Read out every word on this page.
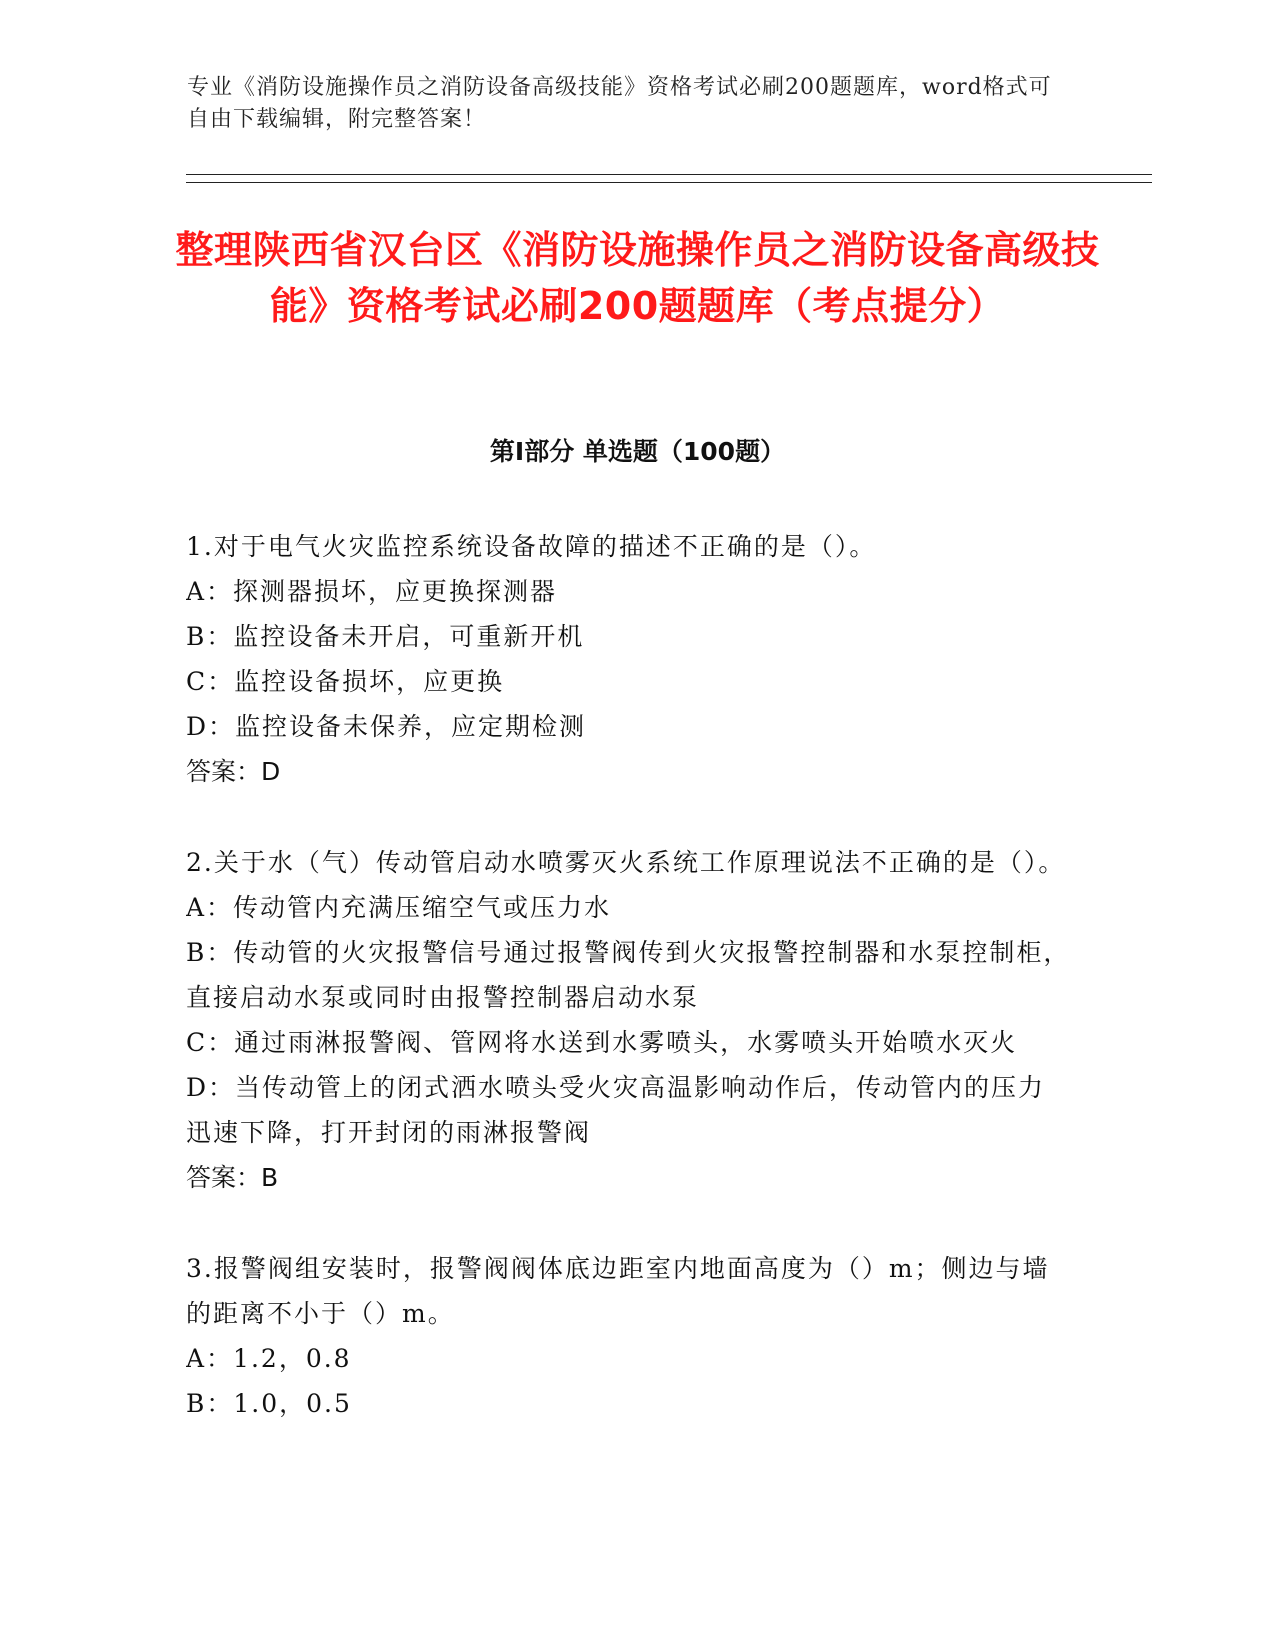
专业《消防设施操作员之消防设备高级技能》资格考试必刷200题题库，word格式可自由下载编辑，附完整答案！
整理陕西省汉台区《消防设施操作员之消防设备高级技能》资格考试必刷200题题库（考点提分）
第Ⅰ部分 单选题（100题）

1.对于电气火灾监控系统设备故障的描述不正确的是（）。

A：探测器损坏，应更换探测器

B：监控设备未开启，可重新开机

C：监控设备损坏，应更换

D：监控设备未保养，应定期检测

答案：D

2.关于水（气）传动管启动水喷雾灭火系统工作原理说法不正确的是（）。

A：传动管内充满压缩空气或压力水

B：传动管的火灾报警信号通过报警阀传到火灾报警控制器和水泵控制柜，直接启动水泵或同时由报警控制器启动水泵

C：通过雨淋报警阀、管网将水送到水雾喷头，水雾喷头开始喷水灭火

D：当传动管上的闭式洒水喷头受火灾高温影响动作后，传动管内的压力迅速下降，打开封闭的雨淋报警阀

答案：B

3.报警阀组安装时，报警阀阀体底边距室内地面高度为（）m；侧边与墙的距离不小于（）m。

A：1.2，0.8

B：1.0，0.5
